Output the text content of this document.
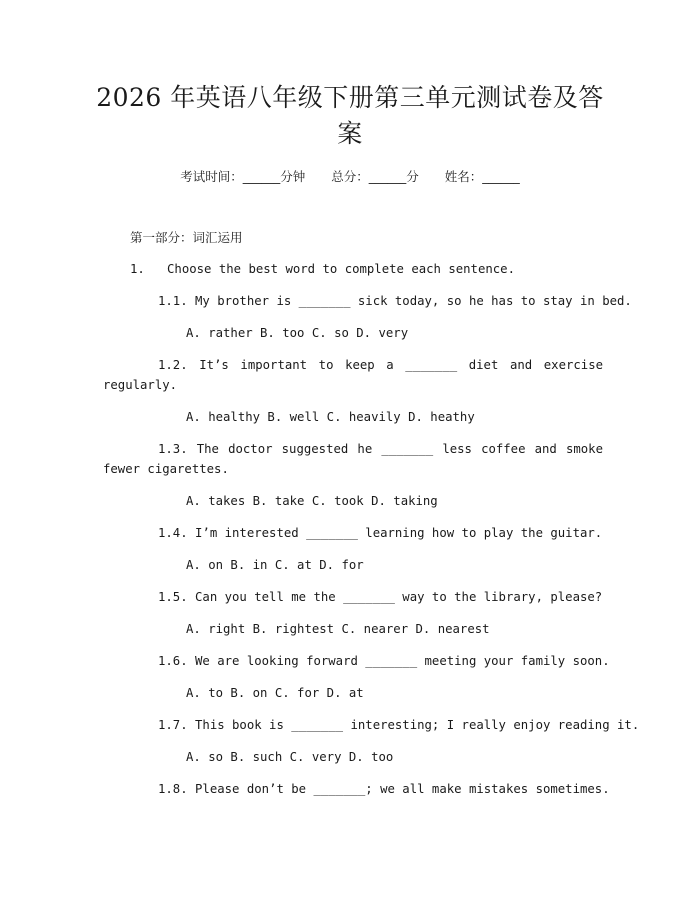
2026 年英语八年级下册第三单元测试卷及答案
考试时间：______分钟 总分：______分 姓名：______
第一部分：词汇运用
1.   Choose the best word to complete each sentence.
1.1. My brother is _______ sick today, so he has to stay in bed.
A. rather B. too C. so D. very
1.2. It’s important to keep a _______ diet and exercise regularly.
A. healthy B. well C. heavily D. heathy
1.3. The doctor suggested he _______ less coffee and smoke fewer cigarettes.
A. takes B. take C. took D. taking
1.4. I’m interested _______ learning how to play the guitar.
A. on B. in C. at D. for
1.5. Can you tell me the _______ way to the library, please?
A. right B. rightest C. nearer D. nearest
1.6. We are looking forward _______ meeting your family soon.
A. to B. on C. for D. at
1.7. This book is _______ interesting; I really enjoy reading it.
A. so B. such C. very D. too
1.8. Please don’t be _______; we all make mistakes sometimes.
